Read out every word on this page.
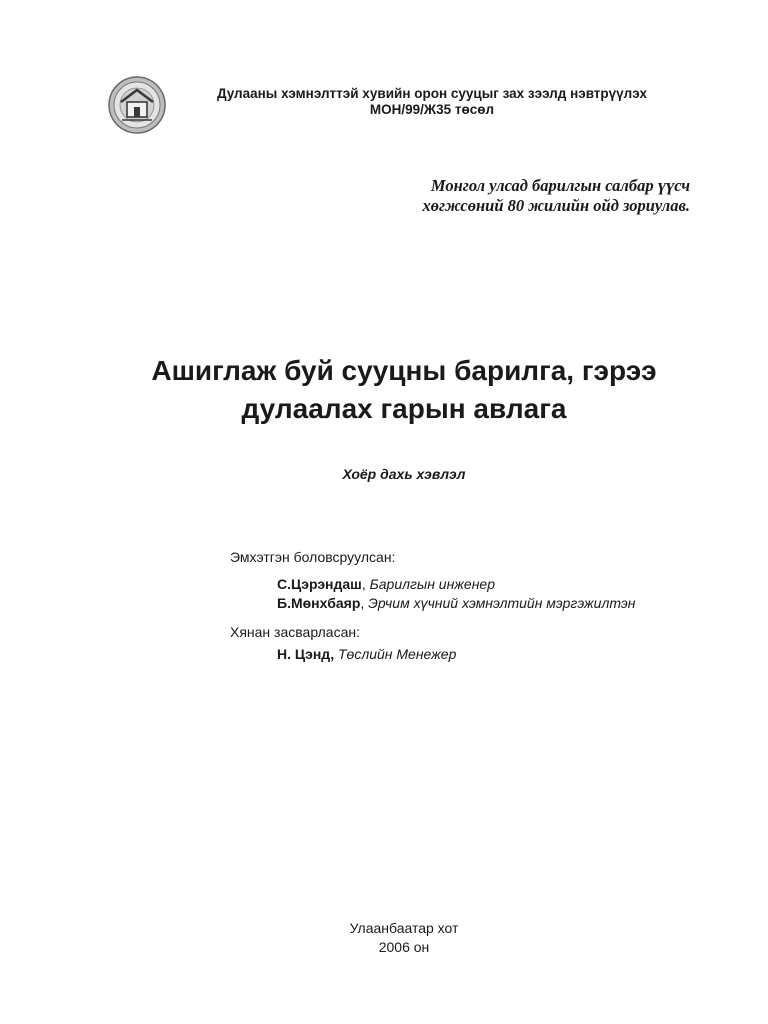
Дулааны хэмнэлттэй хувийн орон сууцыг зах зээлд нэвтрүүлэх
МОН/99/Ж35 төсөл
Монгол улсад барилгын салбар үүсч
хөгжсөний 80 жилийн ойд зориулав.
Ашиглаж буй сууцны барилга, гэрээ
дулаалах гарын авлага
Хоёр дахь хэвлэл
Эмхэтгэн боловсруулсан:
С.Цэрэндаш, Барилгын инженер
Б.Мөнхбаяр, Эрчим хүчний хэмнэлтийн мэргэжилтэн
Хянан засварласан:
Н. Цэнд, Төслийн Менежер
Улаанбаатар хот
2006 он
